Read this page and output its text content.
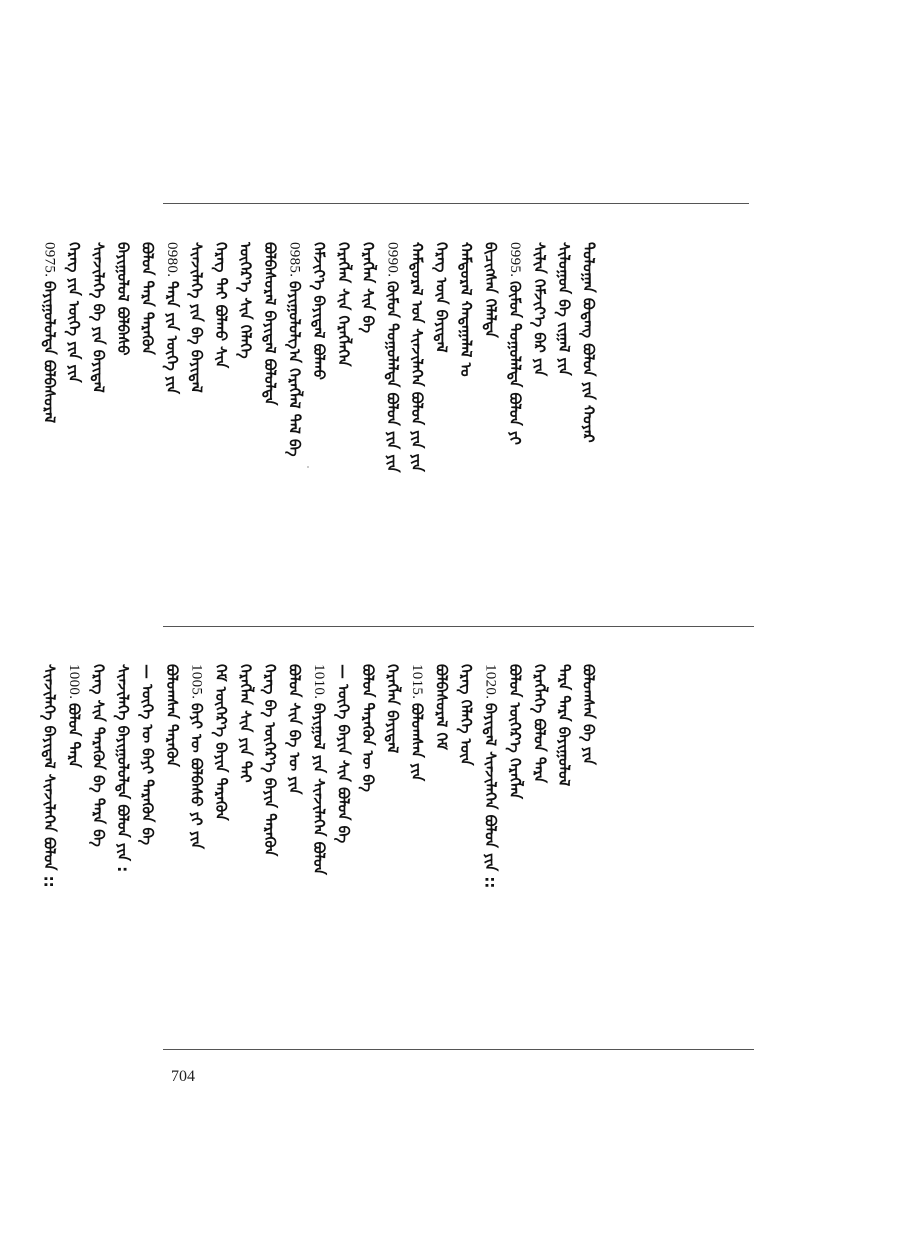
ᠳᠣᠯᠣᠭᠠᠨ ᠪᠣᠳᠠᠩ ᠪᠣᠯᠤᠨ ᠶᠢᠨ ᠬᠣᠶᠠᠷ
ᠰᠢᠯᠤᠭᠤᠨ ᠪᠠ ᠵᠢᠭᠠᠯ ᠶᠢᠨ
ᠰᠢᠯᠢᠨ ᠬᠡᠮᠵᠢᠶ᠎ᠡ ᠪᠠᠷ ᠶᠢᠨ
0995.
ᠬᠦᠮᠦᠨ ᠲᠣᠭᠣᠯᠠᠯᠲᠠ ᠪᠣᠯᠤᠨ ᠶᠢ
ᠪᠢᠴᠢᠭᠰᠡᠨ ᠬᠡᠯᠡᠯᠲᠡ
ᠬᠠᠮᠲᠤᠷᠠᠯ ᠬᠠᠳᠠᠭᠠᠯᠠᠯ ᠤ
ᠬᠡᠷᠡᠭ ᠦᠨ ᠪᠠᠶᠢᠳᠠᠯ
ᠬᠠᠮᠲᠤᠷᠠᠯ ᠤᠨ ᠰᠢᠨᠵᠢᠯᠡᠭᠡᠨ ᠪᠣᠯᠤᠨ ᠶᠢᠨ ᠶᠢᠨ
0990.
ᠬᠦᠮᠦᠨ ᠲᠣᠭᠣᠯᠠᠯᠲᠠ ᠪᠣᠯᠤᠨ ᠶᠢᠨ ᠶᠢᠨ
ᠬᠡᠷᠡᠭᠯᠡᠨ ᠰᠢᠨ ᠪᠠ
ᠬᠡᠷᠡᠭᠯᠡᠨ ᠰᠢᠨ ᠬᠡᠷᠡᠭᠯᠡᠭᠡᠨ
ᠬᠡᠮᠵᠢᠶ᠎ᠡ ᠪᠠᠶᠢᠳᠠᠯ ᠪᠣᠯᠬᠤ
0985.
ᠪᠠᠶᠢᠭᠤᠯᠤᠯᠭ᠎ᠠ ᠬᠡᠷᠡᠭᠯᠡᠯ ᠲᠠᠯ ᠪᠡ
ᠪᠣᠯᠪᠠᠰᠤᠷᠠᠯ ᠪᠠᠶᠢᠳᠠᠯ ᠪᠣᠯᠤᠯᠲᠠ
ᠦᠭᠡᠷ᠎ᠡ ᠰᠢᠨ ᠬᠡᠯᠡᠭᠡ
ᠬᠡᠷᠡᠭ ᠲᠠᠢ ᠪᠣᠯᠬᠤ ᠰᠢᠨ
ᠰᠢᠨᠵᠢᠯᠡᠭᠡ ᠶᠢᠨ ᠪᠠ ᠪᠠᠶᠢᠳᠠᠯ
0980.
ᠲᠡᠷᠡ ᠶᠢᠨ ᠦᠭᠡ ᠶᠢᠨ
ᠪᠣᠯᠤᠨ ᠲᠡᠷᠡ ᠲᠡᠷᠡᠭᠦᠨ
ᠪᠠᠶᠢᠭᠤᠯᠤᠯ ᠪᠣᠯᠪᠠᠰᠤ
ᠰᠢᠨᠵᠢᠯᠡᠭᠡ ᠪᠠ ᠶᠢᠨ ᠪᠠᠶᠢᠳᠠᠯ
ᠬᠡᠷᠡᠭ ᠶᠢᠨ ᠦᠭᠡ ᠶᠢᠨ ᠶᠢᠨ
0975.
ᠪᠠᠶᠢᠭᠤᠯᠤᠯᠲᠠ ᠪᠣᠯᠪᠠᠰᠤᠷᠠᠯ
ᠪᠣᠯᠤᠭᠰᠠᠨ ᠪᠠ ᠶᠢᠨ
ᠲᠡᠷᠡ ᠲᠡᠷᠡ ᠪᠠᠶᠢᠭᠤᠯᠤᠯ
ᠬᠡᠷᠡᠭᠯᠡᠭᠡ ᠪᠣᠯᠤᠨ ᠲᠡᠷᠡ
ᠪᠣᠯᠤᠨ ᠦᠭᠡᠷ᠎ᠡ ᠬᠡᠷᠡᠭᠯᠡᠨ
1020.
ᠪᠠᠶᠢᠳᠠᠯ ᠰᠢᠨᠵᠢᠯᠡᠭᠡᠨ ᠪᠣᠯᠤᠨ ᠶᠢᠨ ::
ᠬᠡᠷᠡᠭ ᠬᠡᠯᠡᠭᠡ ᠦᠨ
ᠪᠣᠯᠪᠠᠰᠤᠷᠠᠯ ᠬᠡᠮ
1015.
ᠪᠣᠯᠤᠭᠰᠠᠨ ᠶᠢᠨ
ᠬᠡᠷᠡᠭᠯᠡᠨ ᠪᠠᠶᠢᠳᠠᠯ
ᠪᠣᠯᠤᠨ ᠲᠡᠷᠡᠭᠦᠨ ᠦ ᠪᠠ
— ᠦᠭᠡ ᠪᠠᠶᠢᠨ ᠰᠢᠨ ᠪᠣᠯᠤᠨ ᠪᠠ
1010.
ᠪᠠᠶᠢᠭᠤᠯ ᠶᠢᠨ ᠰᠢᠨᠵᠢᠯᠡᠭᠡᠨ ᠪᠣᠯᠤᠨ
ᠪᠣᠯᠤᠨ ᠰᠢᠨ ᠪᠠ ᠦ ᠶᠢᠨ
ᠬᠡᠷᠡᠭ ᠪᠠ ᠦᠭᠡᠷ᠎ᠡ ᠪᠠᠶᠢᠨ ᠲᠡᠷᠡᠭᠦᠨ
ᠬᠡᠷᠡᠭᠯᠡᠨ ᠰᠢᠨ ᠶᠢᠨ ᠲᠠᠢ
ᠬᠡᠮ ᠦᠭᠡᠷ᠎ᠡ ᠪᠠᠶᠢᠨ ᠲᠡᠷᠡᠭᠦᠨ
1005.
ᠪᠠᠶᠢ ᠦ ᠪᠣᠯᠪᠠᠰᠤ ᠶᠢ ᠶᠢᠨ
ᠪᠣᠯᠤᠭᠰᠠᠨ ᠲᠡᠷᠡᠭᠦᠨ
— ᠦᠭᠡ ᠦ ᠪᠠᠶᠢ ᠲᠡᠷᠡᠭᠦᠨ ᠪᠠ
ᠰᠢᠨᠵᠢᠯᠡᠭᠡ ᠪᠠᠶᠢᠭᠤᠯᠤᠯᠲᠠ ᠪᠣᠯᠤᠨ ᠶᠢᠨ :
ᠬᠡᠷᠡᠭ ᠰᠢᠨ ᠲᠡᠷᠡᠭᠦᠨ ᠪᠠ ᠲᠡᠷᠡ ᠪᠠ
1000.
ᠪᠣᠯᠤᠨ ᠲᠡᠷᠡ
ᠰᠢᠨᠵᠢᠯᠡᠭᠡ ᠪᠠᠶᠢᠳᠠᠯ ᠰᠢᠨᠵᠢᠯᠡᠭᠡᠨ ᠪᠣᠯᠤᠨ ::
704
